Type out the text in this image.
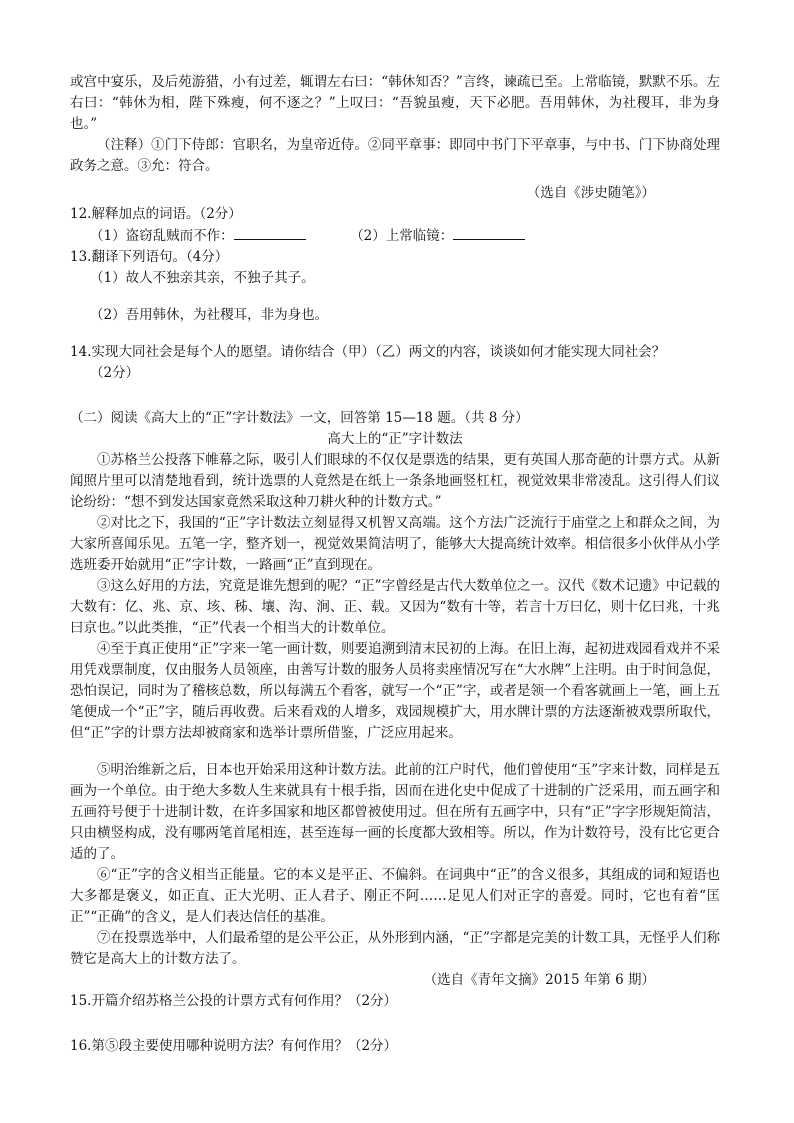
或宫中宴乐，及后苑游猎，小有过差，辄谓左右曰：“韩休知否？”言终，谏疏已至。上常临镜，默默不乐。左右曰：“韩休为相，陛下殊瘦，何不逐之？”上叹曰：“吾貌虽瘦，天下必肥。吾用韩休，为社稷耳，非为身也。”

（注释）①门下侍郎：官职名，为皇帝近侍。②同平章事：即同中书门下平章事，与中书、门下协商处理政务之意。③允：符合。

（选自《涉史随笔》）

12.解释加点的词语。（2分）

（1）盗窃乱贼而不作：	（2）上常临镜：

13.翻译下列语句。（4分）

（1）故人不独亲其亲，不独子其子。

（2）吾用韩休，为社稷耳，非为身也。

14.实现大同社会是每个人的愿望。请你结合（甲）（乙）两文的内容，谈谈如何才能实现大同社会？

（2分）

（二）阅读《高大上的“正”字计数法》一文，回答第 15—18 题。（共 8 分）

高大上的“正”字计数法

①苏格兰公投落下帷幕之际，吸引人们眼球的不仅仅是票选的结果，更有英国人那奇葩的计票方式。从新闻照片里可以清楚地看到，统计选票的人竟然是在纸上一条条地画竖杠杠，视觉效果非常凌乱。这引得人们议论纷纷：“想不到发达国家竟然采取这种刀耕火种的计数方式。”

②对比之下，我国的“正”字计数法立刻显得又机智又高端。这个方法广泛流行于庙堂之上和群众之间，为大家所喜闻乐见。五笔一字，整齐划一，视觉效果简洁明了，能够大大提高统计效率。相信很多小伙伴从小学选班委开始就用“正”字计数，一路画“正”直到现在。

③这么好用的方法，究竟是谁先想到的呢？“正”字曾经是古代大数单位之一。汉代《数术记遗》中记载的大数有：亿、兆、京、垓、秭、壤、沟、涧、正、载。又因为“数有十等，若言十万曰亿，则十亿曰兆，十兆曰京也。”以此类推，“正”代表一个相当大的计数单位。

④至于真正使用“正”字来一笔一画计数，则要追溯到清末民初的上海。在旧上海，起初进戏园看戏并不采用凭戏票制度，仅由服务人员领座，由善写计数的服务人员将卖座情况写在“大水牌”上注明。由于时间急促，恐怕误记，同时为了稽核总数，所以每满五个看客，就写一个“正”字，或者是领一个看客就画上一笔，画上五笔便成一个“正”字，随后再收费。后来看戏的人增多，戏园规模扩大，用水牌计票的方法逐渐被戏票所取代，但“正”字的计票方法却被商家和选举计票所借鉴，广泛应用起来。

⑤明治维新之后，日本也开始采用这种计数方法。此前的江户时代，他们曾使用“玉”字来计数，同样是五画为一个单位。由于绝大多数人生来就具有十根手指，因而在进化史中促成了十进制的广泛采用，而五画字和五画符号便于十进制计数，在许多国家和地区都曾被使用过。但在所有五画字中，只有“正”字字形规矩简洁，只由横竖构成，没有哪两笔首尾相连，甚至连每一画的长度都大致相等。所以，作为计数符号，没有比它更合适的了。

⑥“正”字的含义相当正能量。它的本义是平正、不偏斜。在词典中“正”的含义很多，其组成的词和短语也大多都是褒义，如正直、正大光明、正人君子、刚正不阿……足见人们对正字的喜爱。同时，它也有着“匡正”“正确”的含义，是人们表达信任的基准。

⑦在投票选举中，人们最希望的是公平公正，从外形到内涵，“正”字都是完美的计数工具，无怪乎人们称赞它是高大上的计数方法了。

（选自《青年文摘》2015 年第 6 期）

15.开篇介绍苏格兰公投的计票方式有何作用？（2分）

16.第⑤段主要使用哪种说明方法？有何作用？（2分）
